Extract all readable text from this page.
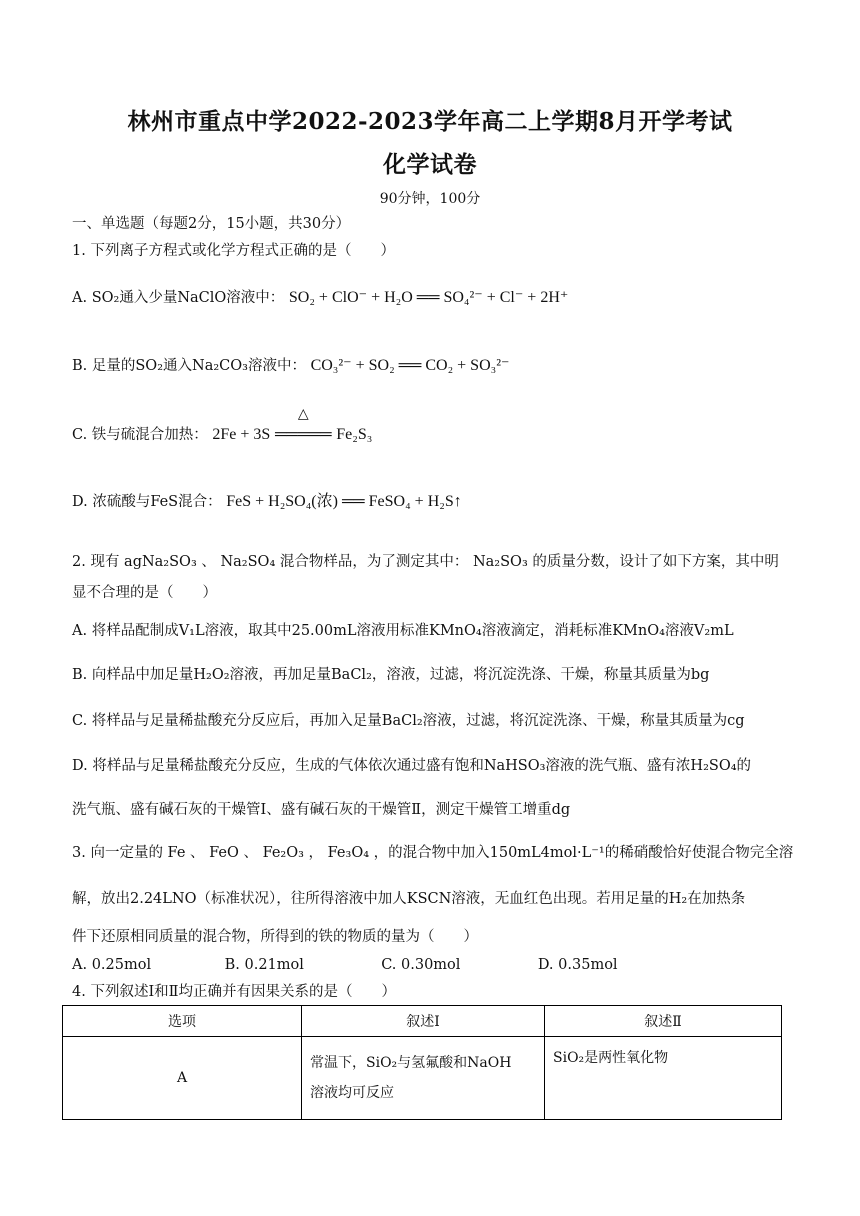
林州市重点中学2022-2023学年高二上学期8月开学考试
化学试卷
90分钟，100分
一、单选题（每题2分，15小题，共30分）
1. 下列离子方程式或化学方程式正确的是（　　）
A. SO₂通入少量NaClO溶液中： SO₂ + ClO⁻ + H₂O ══ SO₄²⁻ + Cl⁻ + 2H⁺
B. 足量的SO₂通入Na₂CO₃溶液中： CO₃²⁻ + SO₂ ══ CO₂ + SO₃²⁻
C. 铁与硫混合加热： 2Fe + 3S
△
═════ Fe₂S₃
D. 浓硫酸与FeS混合： FeS + H₂SO₄(浓) ══ FeSO₄ + H₂S↑
2. 现有 agNa₂SO₃ 、 Na₂SO₄ 混合物样品，为了测定其中： Na₂SO₃ 的质量分数，设计了如下方案，其中明
显不合理的是（　　）
A. 将样品配制成V₁L溶液，取其中25.00mL溶液用标准KMnO₄溶液滴定，消耗标准KMnO₄溶液V₂mL
B. 向样品中加足量H₂O₂溶液，再加足量BaCl₂，溶液，过滤，将沉淀洗涤、干燥，称量其质量为bg
C. 将样品与足量稀盐酸充分反应后，再加入足量BaCl₂溶液，过滤，将沉淀洗涤、干燥，称量其质量为cg
D. 将样品与足量稀盐酸充分反应，生成的气体依次通过盛有饱和NaHSO₃溶液的洗气瓶、盛有浓H₂SO₄的
洗气瓶、盛有碱石灰的干燥管Ⅰ、盛有碱石灰的干燥管Ⅱ，测定干燥管工增重dg
3. 向一定量的 Fe 、 FeO 、 Fe₂O₃ ， Fe₃O₄ ，的混合物中加入150mL4mol·L⁻¹的稀硝酸恰好使混合物完全溶
解，放出2.24LNO（标准状况），往所得溶液中加人KSCN溶液，无血红色出现。若用足量的H₂在加热条
件下还原相同质量的混合物，所得到的铁的物质的量为（　　）
A. 0.25mol	B. 0.21mol	C. 0.30mol	D. 0.35mol
4. 下列叙述Ⅰ和Ⅱ均正确并有因果关系的是（　　）
选项	叙述Ⅰ	叙述Ⅱ
A	常温下，SiO₂与氢氟酸和NaOH
溶液均可反应	SiO₂是两性氧化物
